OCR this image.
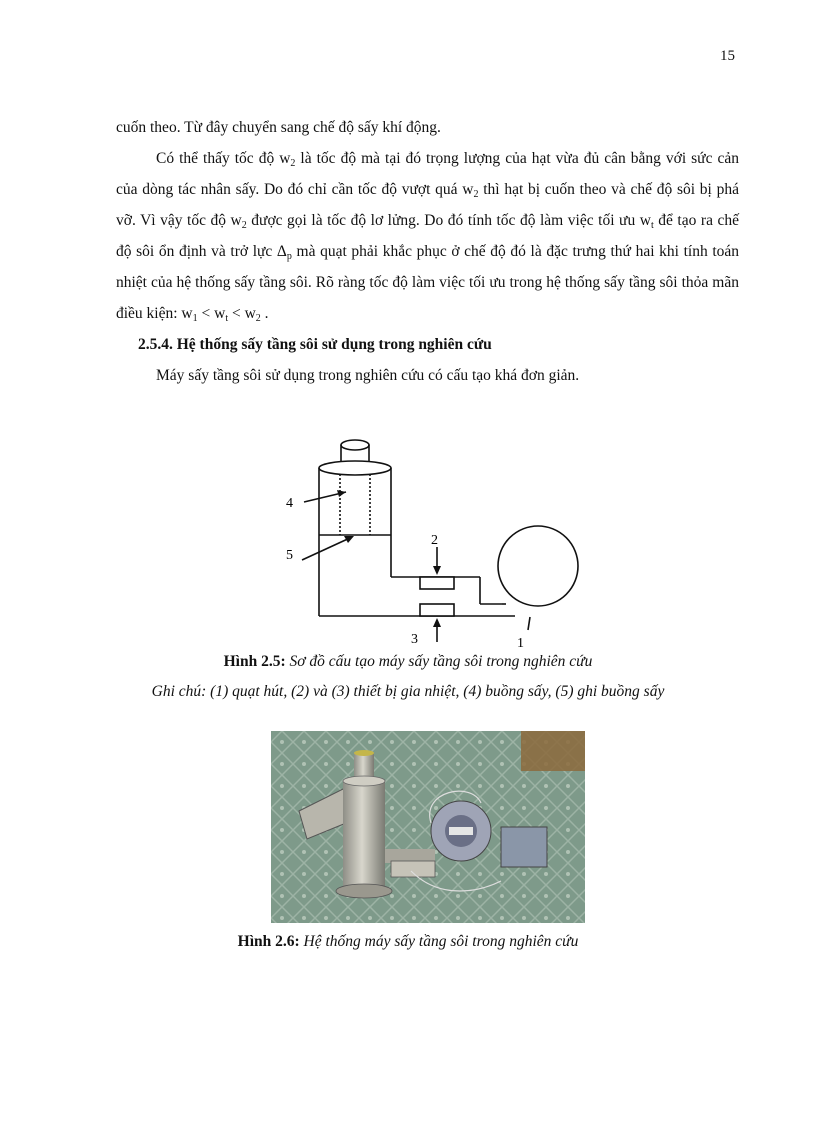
15

cuốn theo. Từ đây chuyển sang chế độ sấy khí động.

Có thể thấy tốc độ $w_2$ là tốc độ mà tại đó trọng lượng của hạt vừa đủ cân bằng với sức cản của dòng tác nhân sấy. Do đó chỉ cần tốc độ vượt quá $w_2$ thì hạt bị cuốn theo và chế độ sôi bị phá vỡ. Vì vậy tốc độ $w_2$ được gọi là tốc độ lơ lửng. Do đó tính tốc độ làm việc tối ưu $w_t$ để tạo ra chế độ sôi ổn định và trở lực $\Delta_p$ mà quạt phải khắc phục ở chế độ đó là đặc trưng thứ hai khi tính toán nhiệt của hệ thống sấy tầng sôi. Rõ ràng tốc độ làm việc tối ưu trong hệ thống sấy tầng sôi thỏa mãn điều kiện: $w_1 < w_t < w_2$ .

2.5.4. Hệ thống sấy tầng sôi sử dụng trong nghiên cứu

Máy sấy tầng sôi sử dụng trong nghiên cứu có cấu tạo khá đơn giản.

4
5
2
3	1
Hình 2.5: Sơ đồ cấu tạo máy sấy tầng sôi trong nghiên cứu
Ghi chú: (1) quạt hút, (2) và (3) thiết bị gia nhiệt, (4) buồng sấy, (5) ghi buồng sấy
Hình 2.6: Hệ thống máy sấy tầng sôi trong nghiên cứu
